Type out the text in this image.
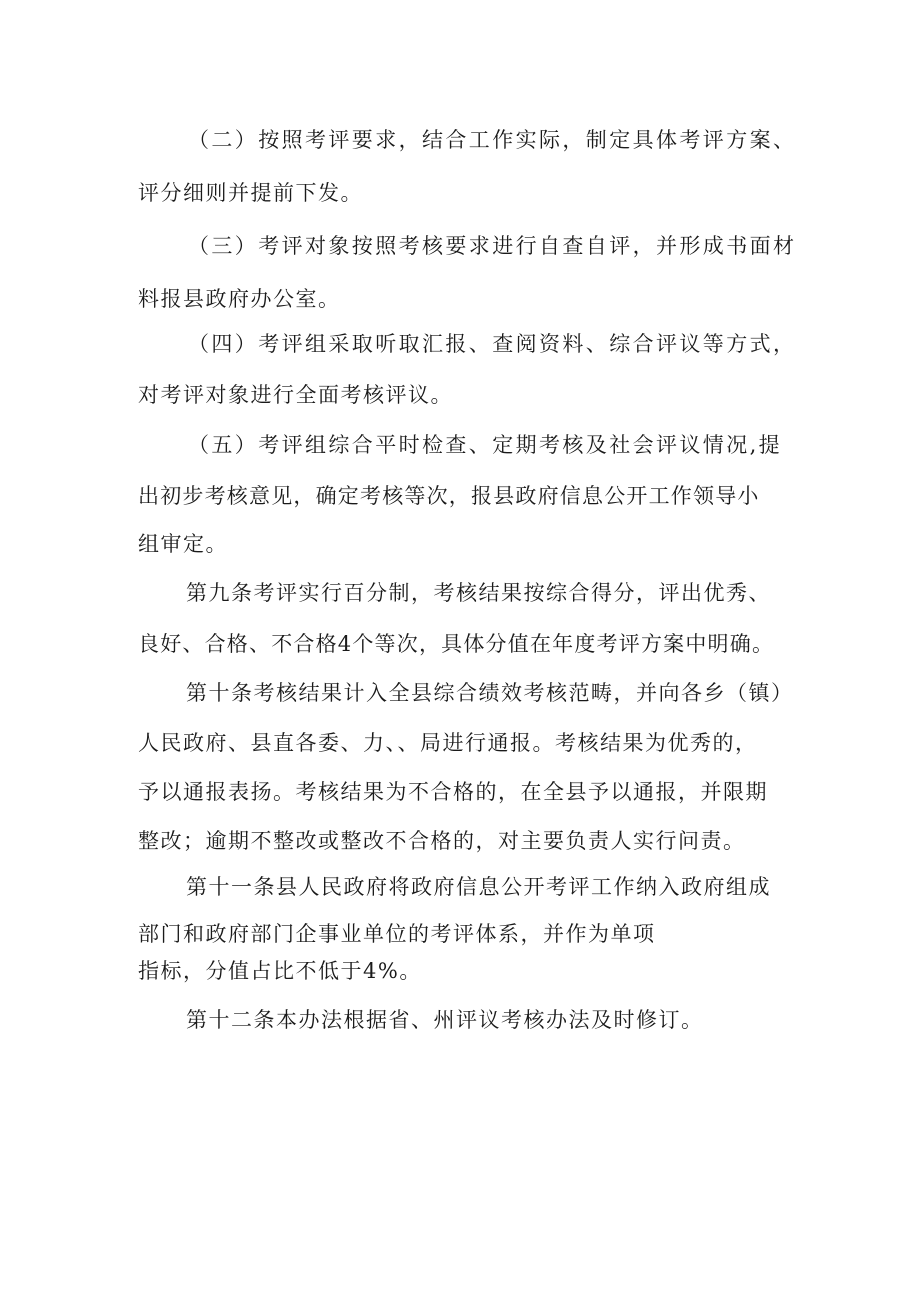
（二）按照考评要求，结合工作实际，制定具体考评方案、
评分细则并提前下发。
（三）考评对象按照考核要求进行自查自评，并形成书面材
料报县政府办公室。
（四）考评组采取听取汇报、查阅资料、综合评议等方式，
对考评对象进行全面考核评议。
（五）考评组综合平时检查、定期考核及社会评议情况,提
出初步考核意见，确定考核等次，报县政府信息公开工作领导小
组审定。
第九条考评实行百分制，考核结果按综合得分，评出优秀、
良好、合格、不合格4个等次，具体分值在年度考评方案中明确。
第十条考核结果计入全县综合绩效考核范畴，并向各乡（镇）
人民政府、县直各委、力、、局进行通报。考核结果为优秀的，
予以通报表扬。考核结果为不合格的，在全县予以通报，并限期
整改；逾期不整改或整改不合格的，对主要负责人实行问责。
第十一条县人民政府将政府信息公开考评工作纳入政府组成
部门和政府部门企事业单位的考评体系，并作为单项
指标，分值占比不低于4%。
第十二条本办法根据省、州评议考核办法及时修订。
